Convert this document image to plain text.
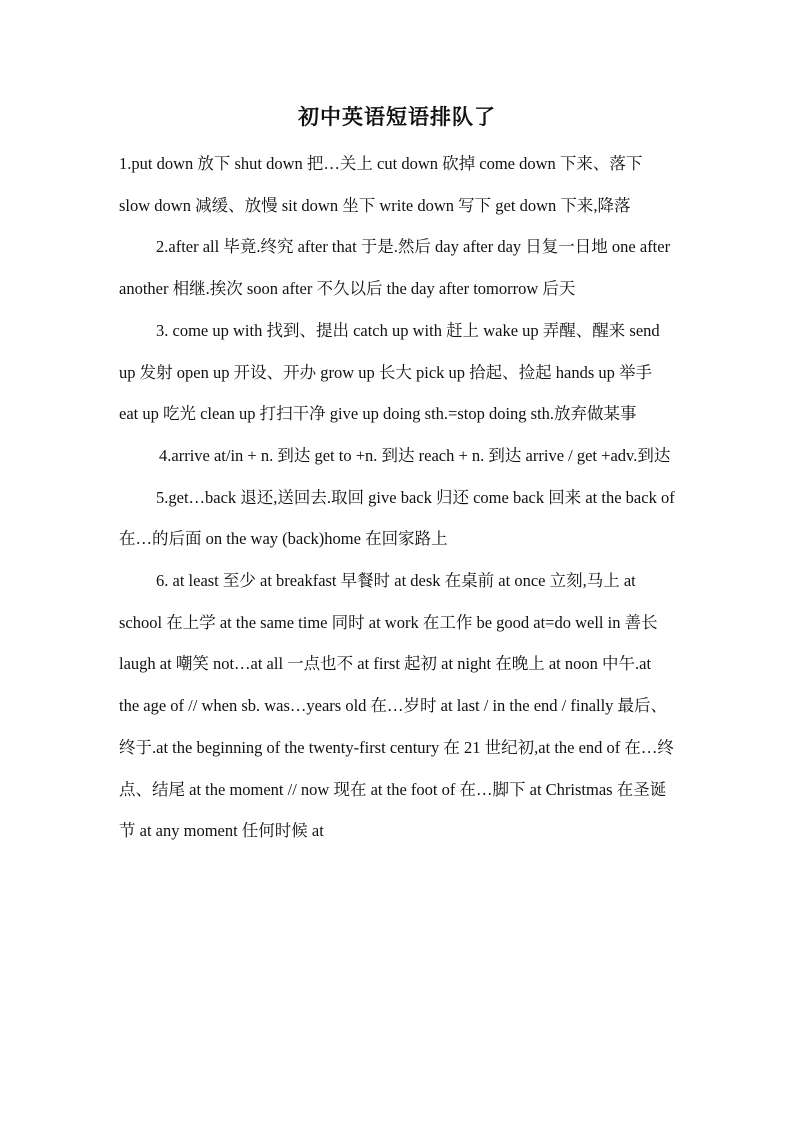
初中英语短语排队了

1.put down 放下 shut down 把…关上 cut down 砍掉 come down 下来、落下 slow down 减缓、放慢 sit down 坐下 write down 写下 get down 下来,降落

2.after all 毕竟.终究 after that 于是.然后 day after day 日复一日地 one after another 相继.挨次 soon after 不久以后 the day after tomorrow 后天

3. come up with 找到、提出 catch up with 赶上 wake up 弄醒、醒来 send up 发射 open up 开设、开办 grow up 长大 pick up 拾起、捡起 hands up 举手 eat up 吃光 clean up 打扫干净 give up doing sth.=stop doing sth.放弃做某事

4.arrive at/in + n. 到达 get to +n. 到达 reach + n. 到达 arrive / get +adv.到达

5.get…back 退还,送回去.取回 give back 归还 come back 回来 at the back of 在…的后面 on the way (back)home 在回家路上

6. at least 至少 at breakfast 早餐时 at desk 在桌前 at once 立刻,马上 at school 在上学 at the same time 同时 at work 在工作 be good at=do well in 善长 laugh at 嘲笑 not…at all 一点也不 at first 起初 at night 在晚上 at noon 中午.at the age of // when sb. was…years old 在…岁时 at last / in the end / finally 最后、终于.at the beginning of the twenty-first century 在 21 世纪初,at the end of 在…终点、结尾 at the moment // now 现在 at the foot of 在…脚下 at Christmas 在圣诞节 at any moment 任何时候 at
